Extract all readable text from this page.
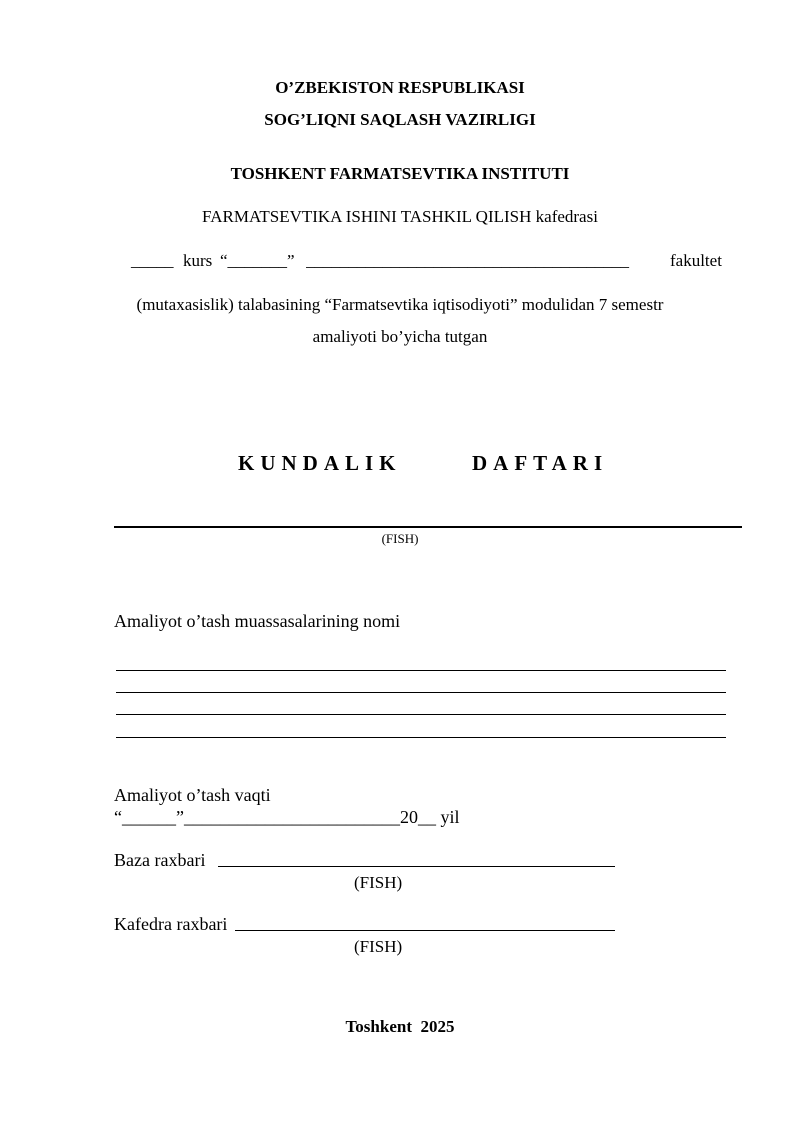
O’ZBEKISTON RESPUBLIKASI
SOG’LIQNI SAQLASH VAZIRLIGI
TOSHKENT FARMATSEVTIKA INSTITUTI
FARMATSEVTIKA ISHINI TASHKIL QILISH kafedrasi
_____ kurs “_______” ______________________________________	fakultet
(mutaxasislik) talabasining “Farmatsevtika iqtisodiyoti” modulidan 7 semestr
amaliyoti bo’yicha tutgan
KUNDALIK	DAFTARI
(FISH)
Amaliyot o’tash muassasalarining nomi
Amaliyot o’tash vaqti
“______”________________________20__ yil
Baza raxbari
(FISH)
Kafedra raxbari
(FISH)
Toshkent  2025
